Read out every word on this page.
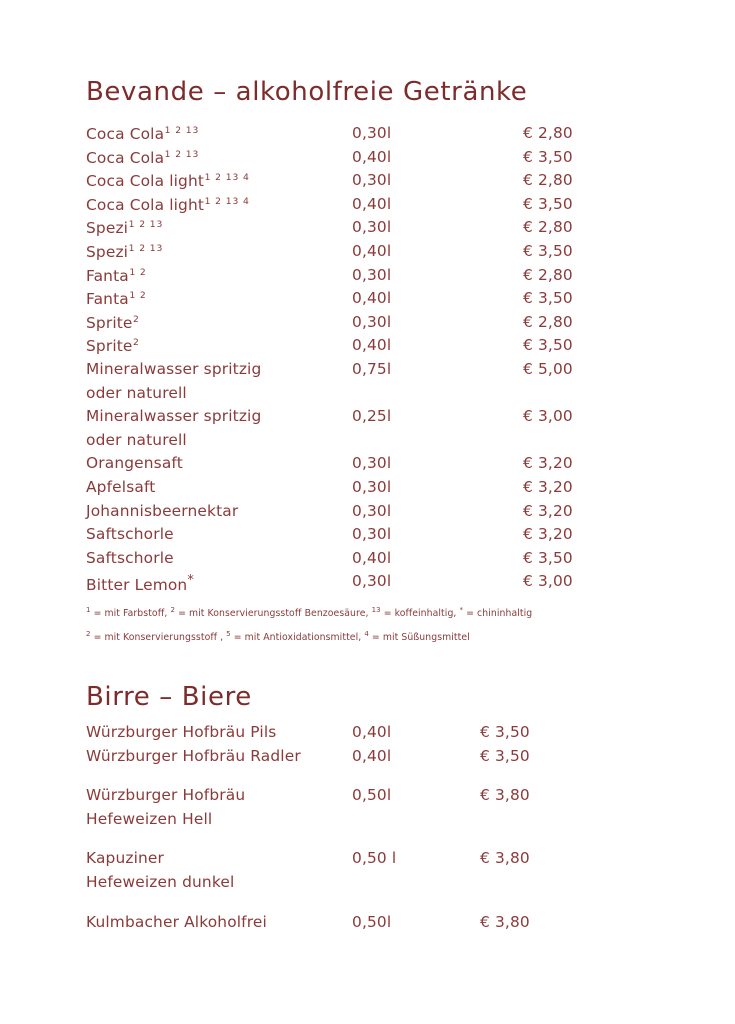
Bevande – alkoholfreie Getränke
Coca Cola$^{1 2 13}$	0,30l	€ 2,80
Coca Cola$^{1 2 13}$	0,40l	€ 3,50
Coca Cola light$^{1 2 13 4}$	0,30l	€ 2,80
Coca Cola light$^{1 2 13 4}$	0,40l	€ 3,50
Spezi$^{1 2 13}$	0,30l	€ 2,80
Spezi$^{1 2 13}$	0,40l	€ 3,50
Fanta$^{1 2}$	0,30l	€ 2,80
Fanta$^{1 2}$	0,40l	€ 3,50
Sprite$^2$	0,30l	€ 2,80
Sprite$^2$	0,40l	€ 3,50
Mineralwasser spritzig	0,75l	€ 5,00
oder naturell
Mineralwasser spritzig	0,25l	€ 3,00
oder naturell
Orangensaft	0,30l	€ 3,20
Apfelsaft	0,30l	€ 3,20
Johannisbeernektar	0,30l	€ 3,20
Saftschorle	0,30l	€ 3,20
Saftschorle	0,40l	€ 3,50
Bitter Lemon*	0,30l	€ 3,00
$^1$ = mit Farbstoff, $^2$ = mit Konservierungsstoff Benzoesäure, $^{13}$ = koffeinhaltig, * = chininhaltig
$^2$ = mit Konservierungsstoff , $^5$ = mit Antioxidationsmittel, $^4$ = mit Süßungsmittel
Birre – Biere
Würzburger Hofbräu Pils	0,40l	€ 3,50
Würzburger Hofbräu Radler	0,40l	€ 3,50
Würzburger Hofbräu	0,50l	€ 3,80
Hefeweizen Hell
Kapuziner	0,50 l	€ 3,80
Hefeweizen dunkel
Kulmbacher Alkoholfrei	0,50l	€ 3,80
